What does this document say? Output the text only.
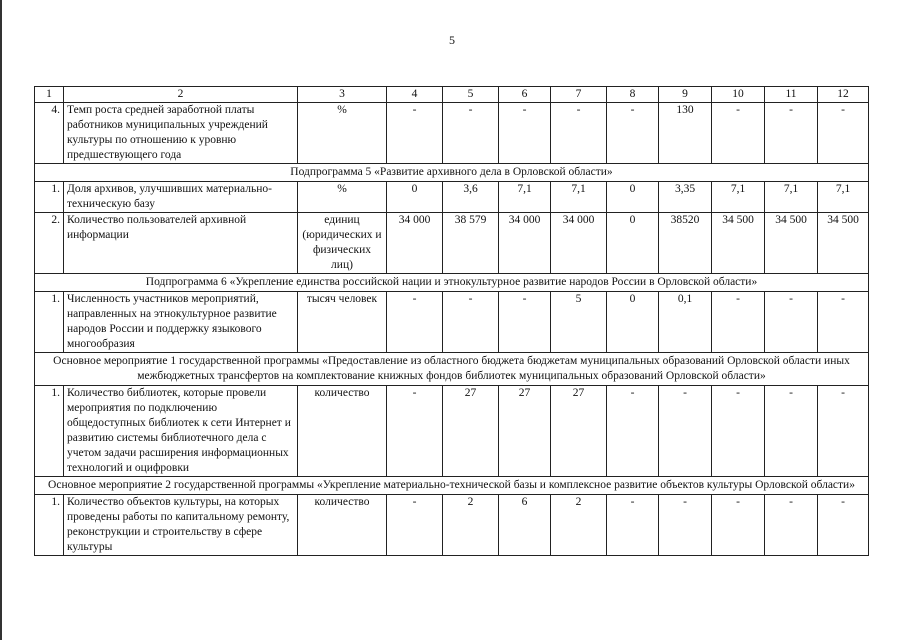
5
1	2	3	4	5	6	7	8	9	10	11	12
4.	Темп роста средней заработной платы работников муниципальных учреждений культуры по отношению к уровню предшествующего года	%	-	-	-	-	-	130	-	-	-
Подпрограмма 5 «Развитие архивного дела в Орловской области»											
1.	Доля архивов, улучшивших материально-техническую базу	%	0	3,6	7,1	7,1	0	3,35	7,1	7,1	7,1
2.	Количество пользователей архивной информации	единиц (юридических и физических лиц)	34 000	38 579	34 000	34 000	0	38520	34 500	34 500	34 500
Подпрограмма 6 «Укрепление единства российской нации и этнокультурное развитие народов России в Орловской области»											
1.	Численность участников мероприятий, направленных на этнокультурное развитие народов России и поддержку языкового многообразия	тысяч человек	-	-	-	5	0	0,1	-	-	-
Основное мероприятие 1 государственной программы «Предоставление из областного бюджета бюджетам муниципальных образований Орловской области иных межбюджетных трансфертов на комплектование книжных фондов библиотек муниципальных образований Орловской области»											
1.	Количество библиотек, которые провели мероприятия по подключению общедоступных библиотек к сети Интернет и развитию системы библиотечного дела с учетом задачи расширения информационных технологий и оцифровки	количество	-	27	27	27	-	-	-	-	-
Основное мероприятие 2 государственной программы «Укрепление материально-технической базы и комплексное развитие объектов культуры Орловской области»											
1.	Количество объектов культуры, на которых проведены работы по капитальному ремонту, реконструкции и строительству в сфере культуры	количество	-	2	6	2	-	-	-	-	-
